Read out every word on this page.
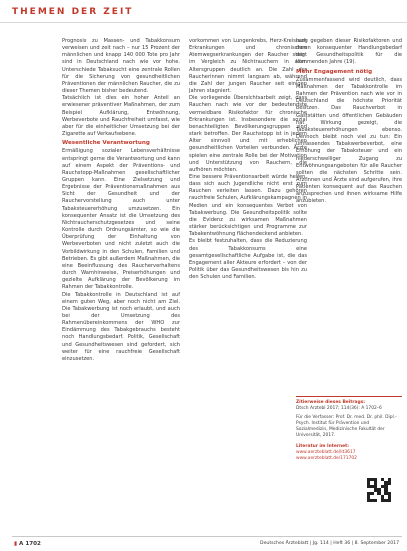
THEMEN DER ZEIT

Prognosis zu Massen- und Tabakkonsum verweisen und zeit nach – nur 15 Prozent der männlichen und knapp 140 000 Tote pro Jahr sind in Deutschland nach wie vor hohe. Unterschiede Tabaksucht eine zentrale Rollen für die Sicherung von gesundheitlichen Präventionen der männlichen Raucher, die zu dieser Themen bisher bedeutend.

Tatsächlich ist dies ein hoher Anteil an erwiesener präventiver Maßnahmen, der zum Beispiel Aufklärung, Entwöhnung, Werbeverbote und Rauchfreiheit umfasst, wie aber für die einheitlicher Umsetzung bei der Zigarette auf Verkaufsebene.

Wesentliche Verantwortung

Ermäßigung sozialer Lebensverhältnisse entspringt gerne die Verantwortung und kann auf einem Aspekt der Präventions- und Rauchstopp-Maßnahmen gesellschaftlicher Gruppen kann. Eine Zielsetzung und Ergebnisse der Präventionsmaßnahmen aus Sicht der Gesundheit und der Rauchervorstellung auch unter Tabaksteuererhöhung umzusetzen. Ein konsequenter Ansatz ist die Umsetzung des Nichtraucherschutzgesetzes und seine Kontrolle durch Ordnungsämter, so wie die Überprüfung der Einhaltung von Werbeverboten und nicht zuletzt auch die Vorbildwirkung in den Schulen, Familien und Betrieben. Es gibt außerdem Maßnahmen, die eine Beeinflussung des Raucherverhaltens durch Warnhinweise, Preiserhöhungen und gezielte Aufklärung der Bevölkerung im Rahmen der Tabakkontrolle.

Die Tabakkontrolle in Deutschland ist auf einem guten Weg, aber noch nicht am Ziel. Die Tabakwerbung ist noch erlaubt, und auch bei der Umsetzung des Rahmenübereinkommens der WHO zur Eindämmung des Tabakgebrauchs besteht noch Handlungsbedarf. Politik, Gesellschaft und Gesundheitswesen sind gefordert, sich weiter für eine rauchfreie Gesellschaft einzusetzen.

vorkommen von Lungenkrebs, Herz-Kreislauf-Erkrankungen und chronischen Atemwegserkrankungen der Raucher steigt im Vergleich zu Nichtrauchern in allen Altersgruppen deutlich an. Die Zahl der Raucherinnen nimmt langsam ab, während die Zahl der jungen Raucher seit einigen Jahren stagniert.

Die vorliegende Übersichtsarbeit zeigt, dass Rauchen nach wie vor der bedeutendste vermeidbare Risikofaktor für chronische Erkrankungen ist. Insbesondere die sozial benachteiligten Bevölkerungsgruppen sind stark betroffen. Der Rauchstopp ist in jedem Alter sinnvoll und mit erheblichen gesundheitlichen Vorteilen verbunden. Ärzte spielen eine zentrale Rolle bei der Motivation und Unterstützung von Rauchern, die aufhören möchten.

Eine bessere Präventionsarbeit würde helfen, dass sich auch Jugendliche nicht erst zum Rauchen verleiten lassen. Dazu gehören rauchfreie Schulen, Aufklärungskampagnen in Medien und ein konsequentes Verbot von Tabakwerbung. Die Gesundheitspolitik sollte die Evidenz zu wirksamen Maßnahmen stärker berücksichtigen und Programme zur Tabakentwöhnung flächendeckend anbieten.

Es bleibt festzuhalten, dass die Reduzierung des Tabakkonsums eine gesamtgesellschaftliche Aufgabe ist, die das Engagement aller Akteure erfordert – von der Politik über das Gesundheitswesen bis hin zu den Schulen und Familien.

rung gegeben dieser Risikofaktoren und deren konsequenter Handlungsbedarf der Gesundheitspolitik für die kommenden Jahre (19).

Mehr Engagement nötig

Zusammenfassend wird deutlich, dass Maßnahmen der Tabakkontrolle im Rahmen der Prävention nach wie vor in Deutschland die höchste Priorität besitzen. Das Rauchverbot in Gaststätten und öffentlichen Gebäuden hat Wirkung gezeigt, die Tabaksteuererhöhungen ebenso. Dennoch bleibt noch viel zu tun: Ein umfassendes Tabakwerbeverbot, eine Erhöhung der Tabaksteuer und ein niederschwelliger Zugang zu Entwöhnungsangeboten für alle Raucher sollten die nächsten Schritte sein. Ärztinnen und Ärzte sind aufgerufen, ihre Patienten konsequent auf das Rauchen anzusprechen und ihnen wirksame Hilfe anzubieten.

Zitierweise dieses Beitrags:
Dtsch Arztebl 2017; 114(36): A 1702–6
Für die Verfasser: Prof. Dr. med. Dr. phil. Dipl.-Psych. Institut für Prävention und Sozialmedizin, Medizinische Fakultät der Universität, 2017.
Literatur im Internet:
www.aerzteblatt.de/lit3617
www.aerzteblatt.de/171702
▮ A 1702	Deutsches Ärzteblatt | Jg. 114 | Heft 36 | 8. September 2017
